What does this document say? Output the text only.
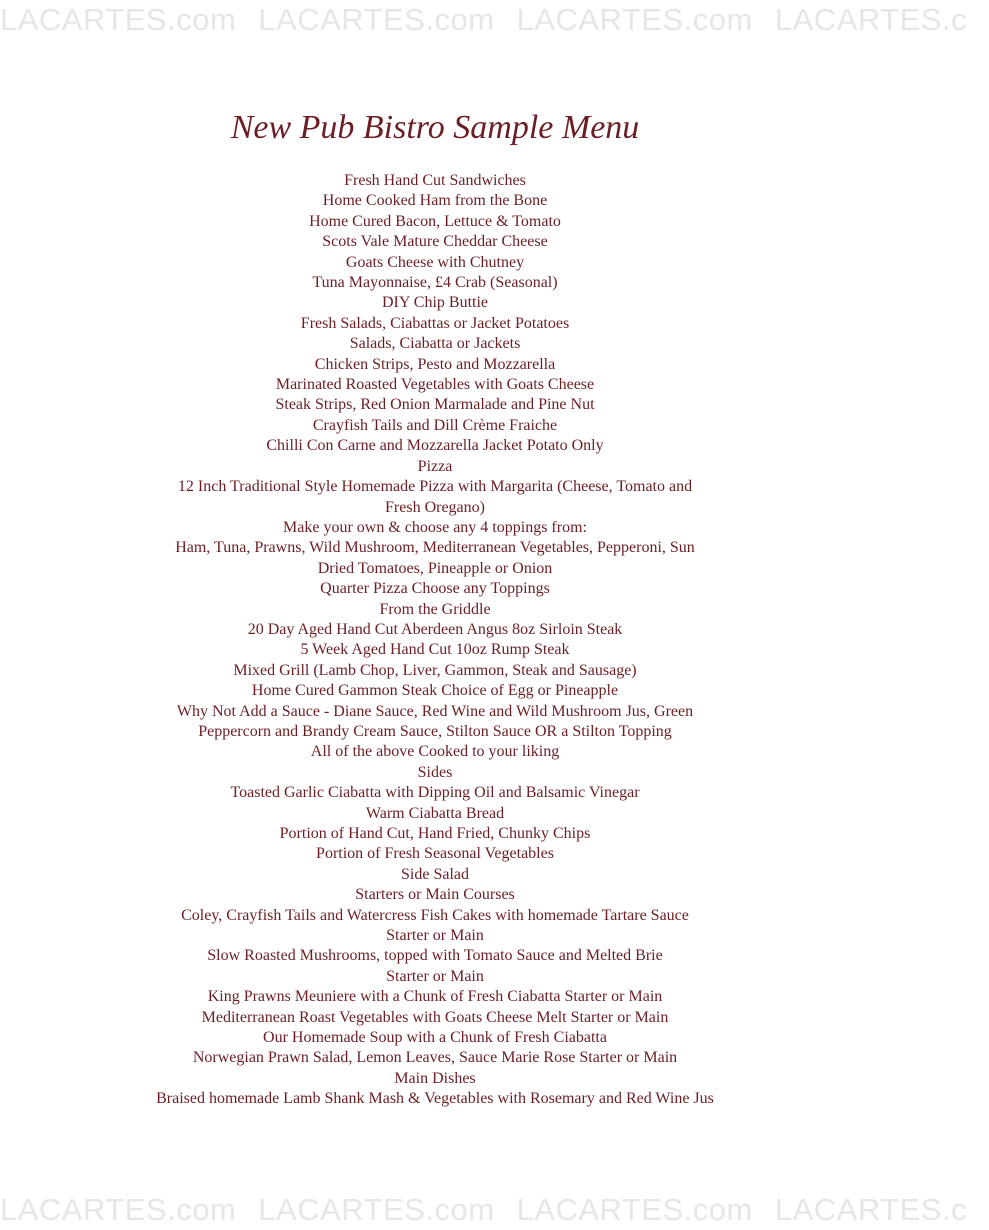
LACARTES.com LACARTES.com LACARTES.com LACARTES.c
New Pub Bistro Sample Menu
Fresh Hand Cut Sandwiches
Home Cooked Ham from the Bone
Home Cured Bacon, Lettuce & Tomato
Scots Vale Mature Cheddar Cheese
Goats Cheese with Chutney
Tuna Mayonnaise, £4 Crab (Seasonal)
DIY Chip Buttie
Fresh Salads, Ciabattas or Jacket Potatoes
Salads, Ciabatta or Jackets
Chicken Strips, Pesto and Mozzarella
Marinated Roasted Vegetables with Goats Cheese
Steak Strips, Red Onion Marmalade and Pine Nut
Crayfish Tails and Dill Crème Fraiche
Chilli Con Carne and Mozzarella Jacket Potato Only
Pizza
12 Inch Traditional Style Homemade Pizza with Margarita (Cheese, Tomato and
Fresh Oregano)
Make your own & choose any 4 toppings from:
Ham, Tuna, Prawns, Wild Mushroom, Mediterranean Vegetables, Pepperoni, Sun
Dried Tomatoes, Pineapple or Onion
Quarter Pizza Choose any Toppings
From the Griddle
20 Day Aged Hand Cut Aberdeen Angus 8oz Sirloin Steak
5 Week Aged Hand Cut 10oz Rump Steak
Mixed Grill (Lamb Chop, Liver, Gammon, Steak and Sausage)
Home Cured Gammon Steak Choice of Egg or Pineapple
Why Not Add a Sauce - Diane Sauce, Red Wine and Wild Mushroom Jus, Green
Peppercorn and Brandy Cream Sauce, Stilton Sauce OR a Stilton Topping
All of the above Cooked to your liking
Sides
Toasted Garlic Ciabatta with Dipping Oil and Balsamic Vinegar
Warm Ciabatta Bread
Portion of Hand Cut, Hand Fried, Chunky Chips
Portion of Fresh Seasonal Vegetables
Side Salad
Starters or Main Courses
Coley, Crayfish Tails and Watercress Fish Cakes with homemade Tartare Sauce
Starter or Main
Slow Roasted Mushrooms, topped with Tomato Sauce and Melted Brie
Starter or Main
King Prawns Meuniere with a Chunk of Fresh Ciabatta Starter or Main
Mediterranean Roast Vegetables with Goats Cheese Melt Starter or Main
Our Homemade Soup with a Chunk of Fresh Ciabatta
Norwegian Prawn Salad, Lemon Leaves, Sauce Marie Rose Starter or Main
Main Dishes
Braised homemade Lamb Shank Mash & Vegetables with Rosemary and Red Wine Jus
LACARTES.com LACARTES.com LACARTES.com LACARTES.c
